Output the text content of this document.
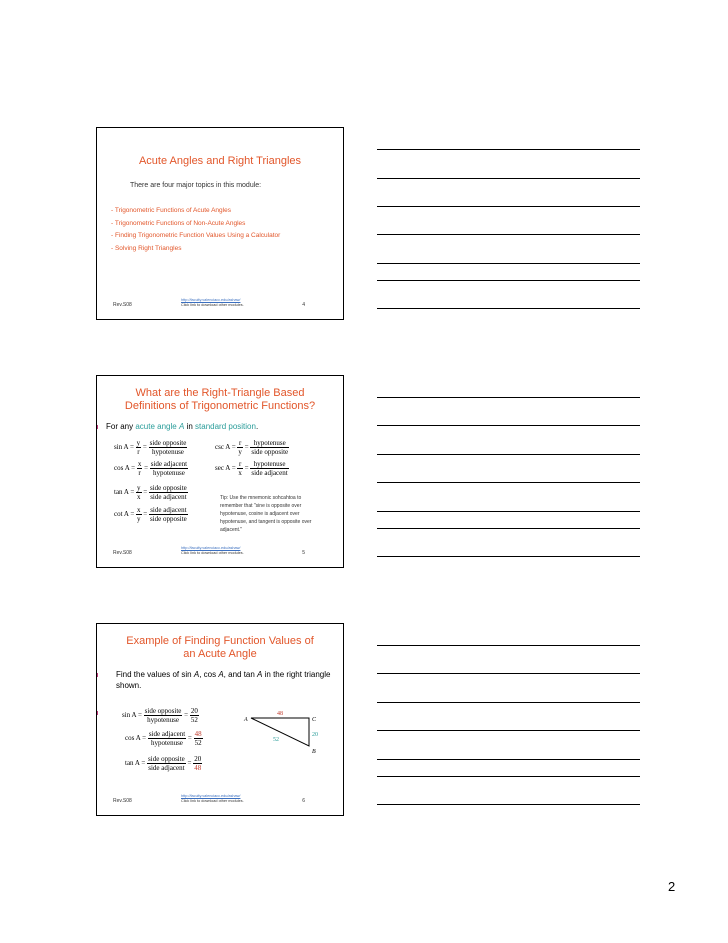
Acute Angles and Right Triangles
There are four major topics in this module:
- Trigonometric Functions of Acute Angles
- Trigonometric Functions of Non-Acute Angles
- Finding Trigonometric Function Values Using a Calculator
- Solving Right Triangles
Rev.S08
http://faculty.valenciacc.edu/ashaw/
Click link to download other modules.	4
What are the Right-Triangle Based
Definitions of Trigonometric Functions?
For any acute angle A in standard position.
$\sin A = \frac{y}{r} = \frac{\text{side opposite}}{\text{hypotenuse}}$	$\csc A = \frac{r}{y} = \frac{\text{hypotenuse}}{\text{side opposite}}$
$\cos A = \frac{x}{r} = \frac{\text{side adjacent}}{\text{hypotenuse}}$	$\sec A = \frac{r}{x} = \frac{\text{hypotenuse}}{\text{side adjacent}}$
$\tan A = \frac{y}{x} = \frac{\text{side opposite}}{\text{side adjacent}}$
$\cot A = \frac{x}{y} = \frac{\text{side adjacent}}{\text{side opposite}}$
Tip: Use the mnemonic sohcahtoa to remember that "sine is opposite over hypotenuse, cosine is adjacent over hypotenuse, and tangent is opposite over adjacent."
Rev.S08
http://faculty.valenciacc.edu/ashaw/
Click link to download other modules.	5
Example of Finding Function Values of
an Acute Angle
Find the values of sin A, cos A, and tan A in the right triangle shown.
$\sin A = \frac{\text{side opposite}}{\text{hypotenuse}} = \frac{20}{52}$
$\cos A = \frac{\text{side adjacent}}{\text{hypotenuse}} = \frac{48}{52}$
$\tan A = \frac{\text{side opposite}}{\text{side adjacent}} = \frac{20}{48}$
A	C
B
48
20
52
Rev.S08
http://faculty.valenciacc.edu/ashaw/
Click link to download other modules.	6
2
